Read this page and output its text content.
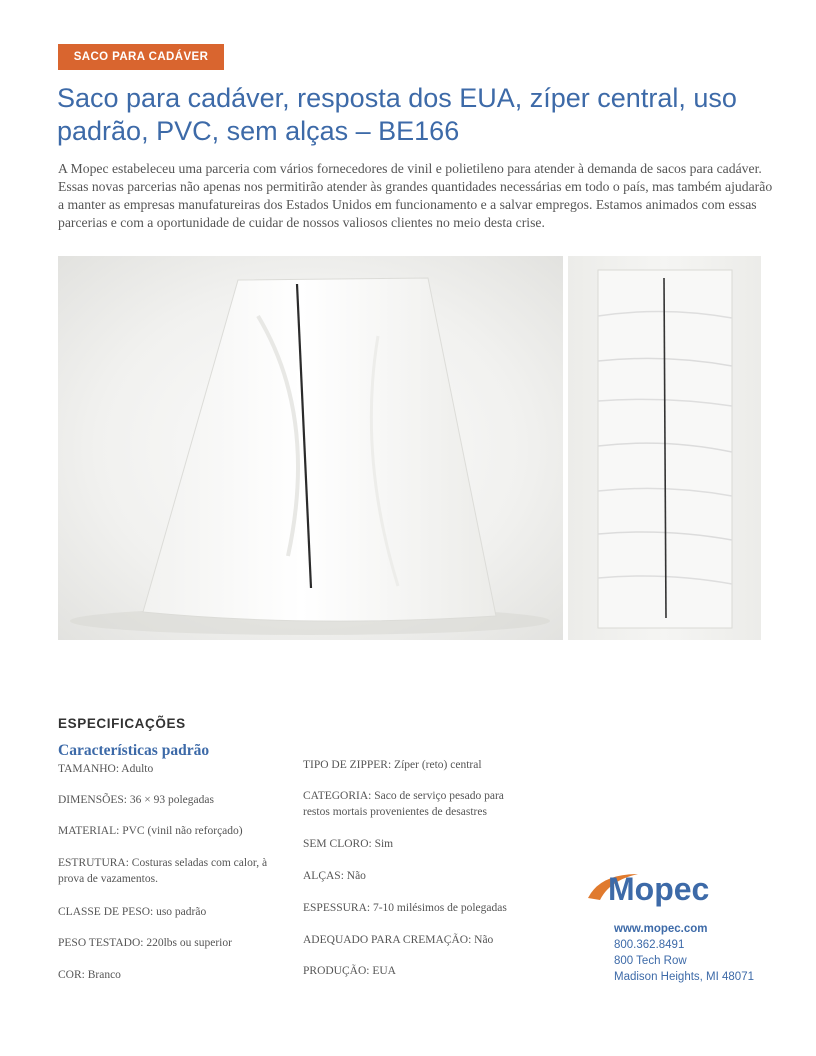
SACO PARA CADÁVER
Saco para cadáver, resposta dos EUA, zíper central, uso padrão, PVC, sem alças – BE166

A Mopec estabeleceu uma parceria com vários fornecedores de vinil e polietileno para atender à demanda de sacos para cadáver. Essas novas parcerias não apenas nos permitirão atender às grandes quantidades necessárias em todo o país, mas também ajudarão a manter as empresas manufatureiras dos Estados Unidos em funcionamento e a salvar empregos. Estamos animados com essas parcerias e com a oportunidade de cuidar de nossos valiosos clientes no meio desta crise.

ESPECIFICAÇÕES
Características padrão
TAMANHO: Adulto
DIMENSÕES: 36 × 93 polegadas
MATERIAL: PVC (vinil não reforçado)
ESTRUTURA: Costuras seladas com calor, à prova de vazamentos.
CLASSE DE PESO: uso padrão
PESO TESTADO: 220lbs ou superior
COR: Branco
TIPO DE ZIPPER: Zíper (reto) central
CATEGORIA: Saco de serviço pesado para restos mortais provenientes de desastres
SEM CLORO: Sim
ALÇAS: Não
ESPESSURA: 7-10 milésimos de polegadas
ADEQUADO PARA CREMAÇÃO: Não
PRODUÇÃO: EUA
Mopec
www.mopec.com
800.362.8491
800 Tech Row
Madison Heights, MI 48071
